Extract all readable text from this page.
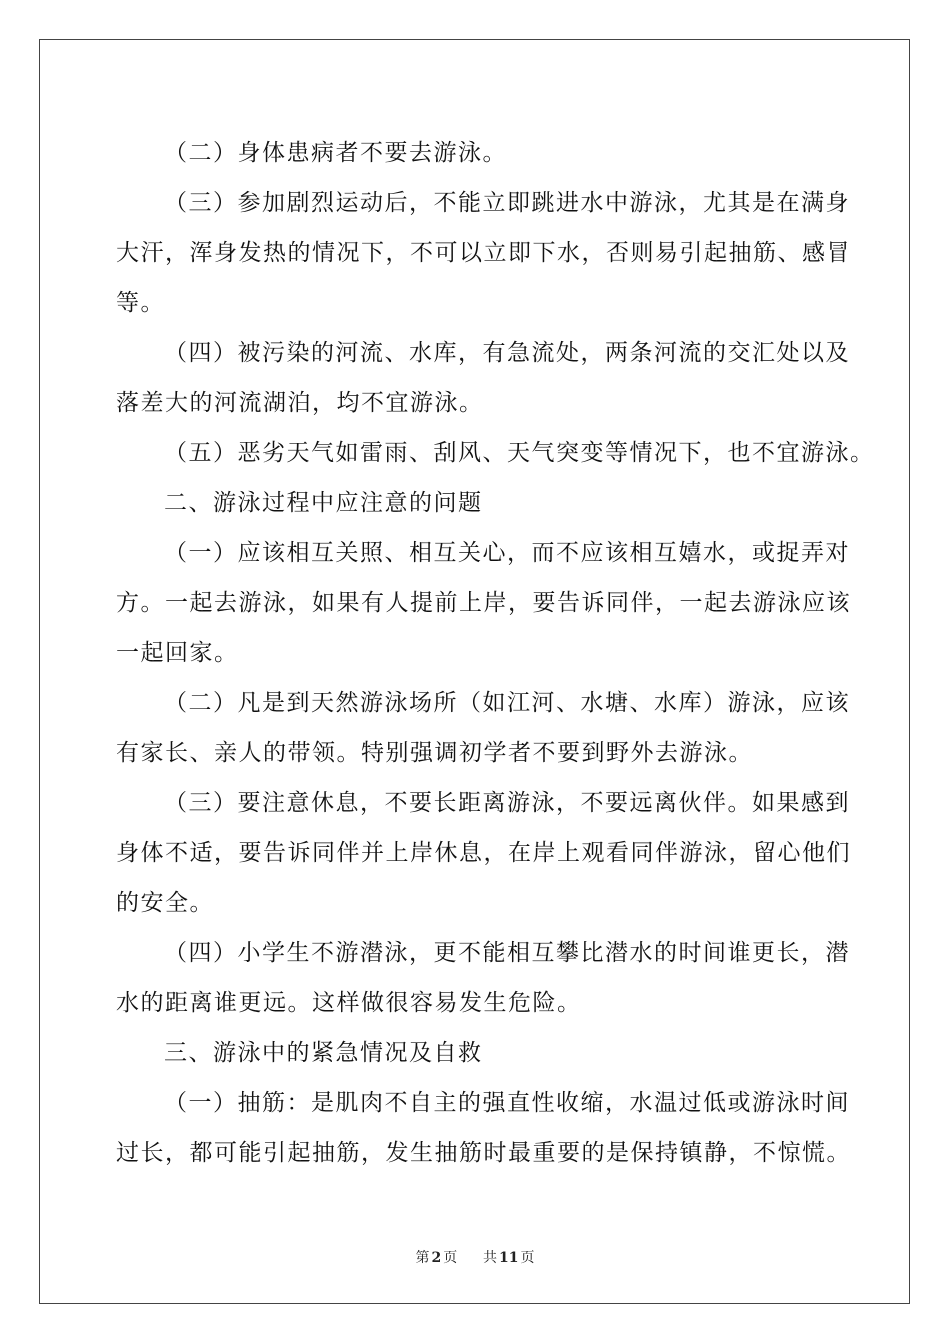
（二）身体患病者不要去游泳。
（三）参加剧烈运动后，不能立即跳进水中游泳，尤其是在满身
大汗，浑身发热的情况下，不可以立即下水，否则易引起抽筋、感冒
等。
（四）被污染的河流、水库，有急流处，两条河流的交汇处以及
落差大的河流湖泊，均不宜游泳。
（五）恶劣天气如雷雨、刮风、天气突变等情况下，也不宜游泳。
二、游泳过程中应注意的问题
（一）应该相互关照、相互关心，而不应该相互嬉水，或捉弄对
方。一起去游泳，如果有人提前上岸，要告诉同伴，一起去游泳应该
一起回家。
（二）凡是到天然游泳场所（如江河、水塘、水库）游泳，应该
有家长、亲人的带领。特别强调初学者不要到野外去游泳。
（三）要注意休息，不要长距离游泳，不要远离伙伴。如果感到
身体不适，要告诉同伴并上岸休息，在岸上观看同伴游泳，留心他们
的安全。
（四）小学生不游潜泳，更不能相互攀比潜水的时间谁更长，潜
水的距离谁更远。这样做很容易发生危险。
三、游泳中的紧急情况及自救
（一）抽筋：是肌肉不自主的强直性收缩，水温过低或游泳时间
过长，都可能引起抽筋，发生抽筋时最重要的是保持镇静，不惊慌。
第 2 页 共 11 页
